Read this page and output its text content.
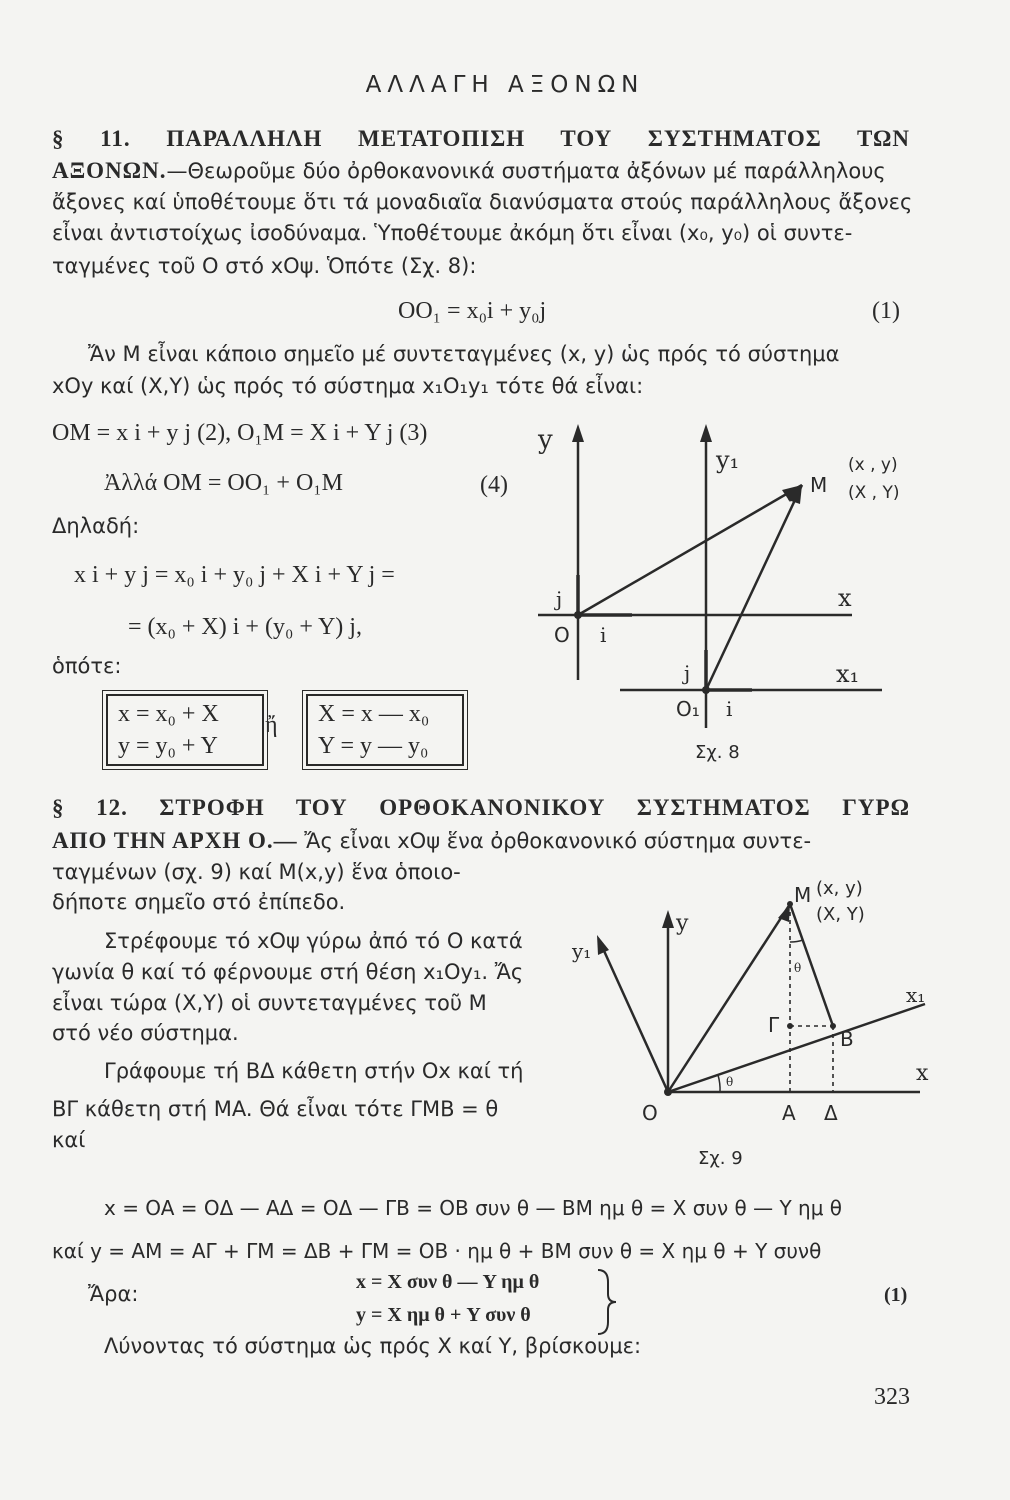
ΑΛΛΑΓΗ ΑΞΟΝΩΝ
§ 11. ΠΑΡΑΛΛΗΛΗ ΜΕΤΑΤΟΠΙΣΗ ΤΟΥ ΣΥΣΤΗΜΑΤΟΣ ΤΩΝ
ΑΞΟΝΩΝ.—Θεωροῦμε δύο ὀρθοκανονικά συστήματα ἀξόνων μέ παράλληλους
ἄξονες καί ὑποθέτουμε ὅτι τά μοναδιαῖα διανύσματα στούς παράλληλους ἄξονες
εἶναι ἀντιστοίχως ἰσοδύναμα. Ὑποθέτουμε ἀκόμη ὅτι εἶναι (x₀, y₀) οἱ συντε-
ταγμένες τοῦ O στό xOψ. Ὁπότε (Σχ. 8):
OO₁ = x₀i + y₀j	(1)
Ἄν M εἶναι κάποιο σημεῖο μέ συντεταγμένες (x, y) ὡς πρός τό σύστημα
xOy καί (X,Y) ὡς πρός τό σύστημα x₁O₁y₁ τότε θά εἶναι:
OM = x i + y j (2), O₁M = X i + Y j (3)
Ἀλλά OM = OO₁ + O₁M	(4)
Δηλαδή:
x i + y j = x₀ i + y₀ j + X i + Y j =
= (x₀ + X) i + (y₀ + Y) j,
ὁπότε:
x = x₀ + X
y = y₀ + Y
ἤ X = x — x₀
Y = y — y₀
y
y₁
x
x₁
M
(x , y)
(X , Y)
O
O₁
i
j
i
j
Σχ. 8
§ 12. ΣΤΡΟΦΗ ΤΟΥ ΟΡΘΟΚΑΝΟΝΙΚΟΥ ΣΥΣΤΗΜΑΤΟΣ ΓΥΡΩ
ΑΠΟ ΤΗΝ ΑΡΧΗ Ο.— Ἄς εἶναι xOψ ἕνα ὀρθοκανονικό σύστημα συντε-
ταγμένων (σχ. 9) καί M(x,y) ἕνα ὁποιο-
δήποτε σημεῖο στό ἐπίπεδο.
Στρέφουμε τό xOψ γύρω ἀπό τό O κατά
γωνία θ καί τό φέρνουμε στή θέση x₁Oy₁. Ἄς
εἶναι τώρα (X,Y) οἱ συντεταγμένες τοῦ M
στό νέο σύστημα.
Γράφουμε τή ΒΔ κάθετη στήν Ox καί τή
ΒΓ κάθετη στή MA. Θά εἶναι τότε ΓMΒ = θ
καί
y
y₁
x
x₁
M (x, y)
(X, Y)
O	A Δ
B
Γ
θ
θ
Σχ. 9
x = OA = OΔ — AΔ = OΔ — ΓB = OB συν θ — BM ημ θ = X συν θ — Y ημ θ
καί y = AM = AΓ + ΓM = ΔB + ΓM = OB · ημ θ + BM συν θ = X ημ θ + Y συνθ
Ἄρα:	x = X συν θ — Y ημ θ
y = X ημ θ + Y συν θ
(1)
Λύνοντας τό σύστημα ὡς πρός X καί Y, βρίσκουμε:
323
